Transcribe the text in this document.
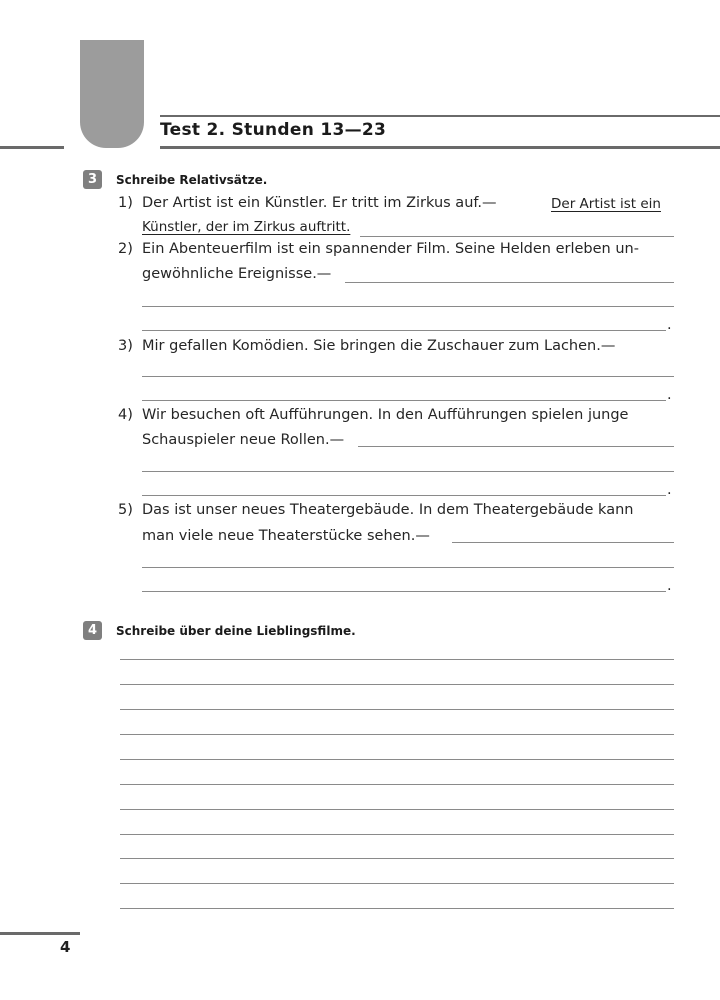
Test 2. Stunden 13—23
3	Schreibe Relativsätze.
1) Der Artist ist ein Künstler. Er tritt im Zirkus auf.—	Der Artist ist ein
Künstler, der im Zirkus auftritt.
2) Ein Abenteuerfilm ist ein spannender Film. Seine Helden erleben un-
gewöhnliche Ereignisse.—
.
3) Mir gefallen Komödien. Sie bringen die Zuschauer zum Lachen.—
.
4) Wir besuchen oft Aufführungen. In den Aufführungen spielen junge
Schauspieler neue Rollen.—
.
5) Das ist unser neues Theatergebäude. In dem Theatergebäude kann
man viele neue Theaterstücke sehen.—
.
4	Schreibe über deine Lieblingsfilme.
4
